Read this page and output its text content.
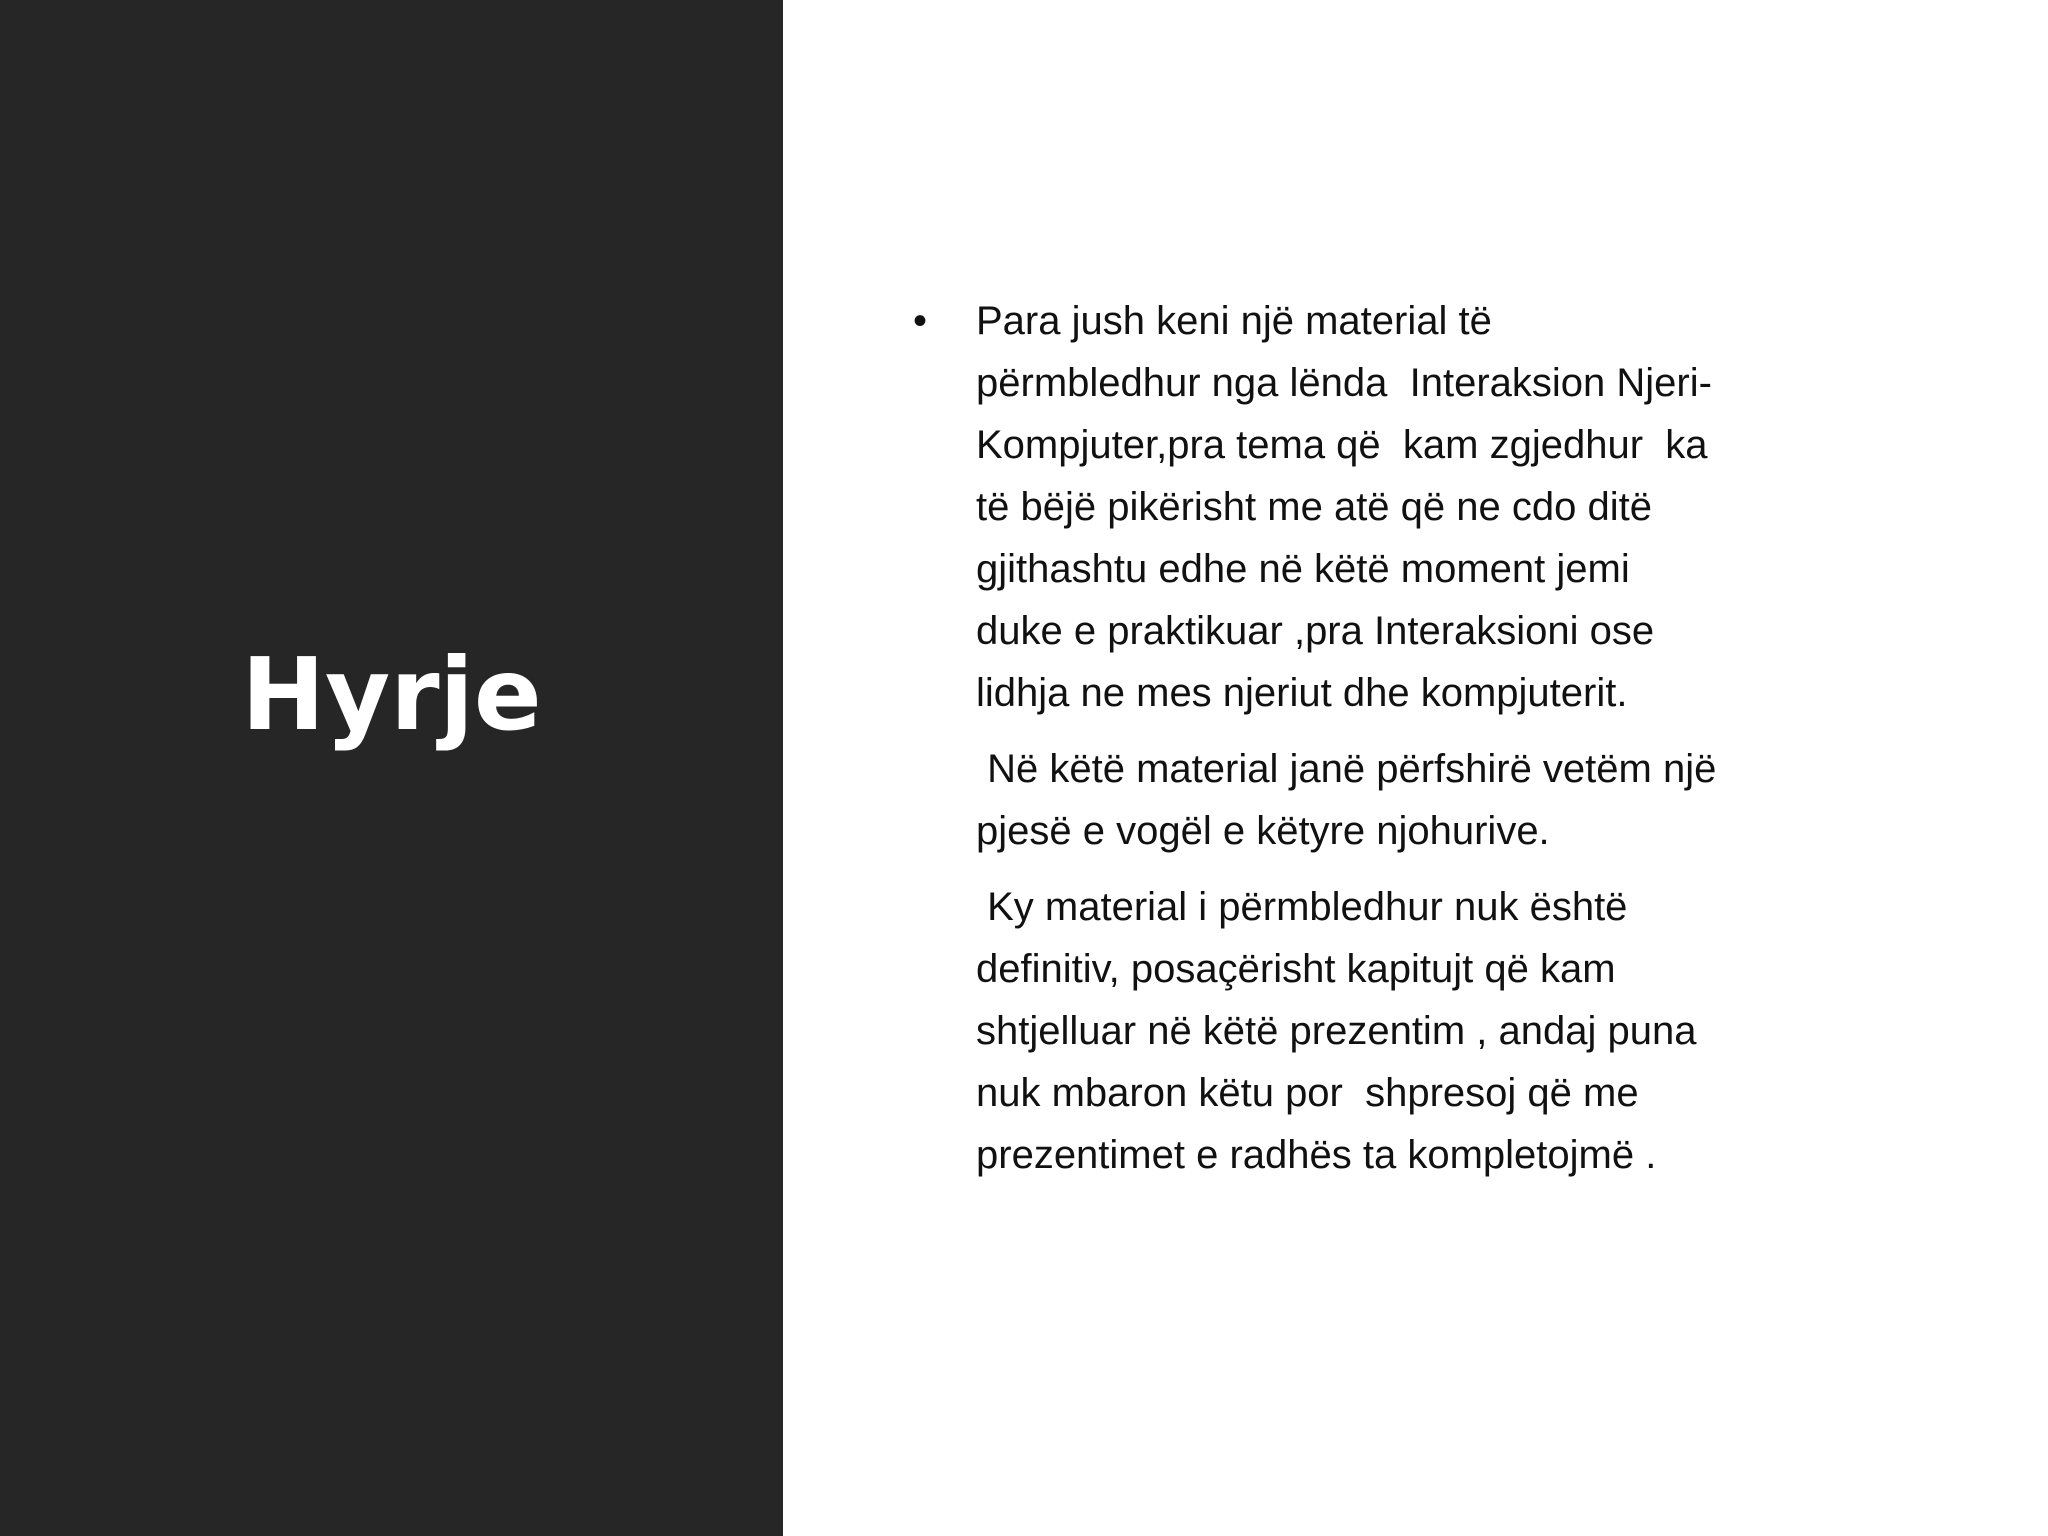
Hyrje
•	Para jush keni një material të
përmbledhur nga lënda  Interaksion Njeri-
Kompjuter,pra tema që  kam zgjedhur  ka
të bëjë pikërisht me atë që ne cdo ditë
gjithashtu edhe në këtë moment jemi
duke e praktikuar ,pra Interaksioni ose
lidhja ne mes njeriut dhe kompjuterit.
Në këtë material janë përfshirë vetëm një
pjesë e vogël e këtyre njohurive.
Ky material i përmbledhur nuk është
definitiv, posaçërisht kapitujt që kam
shtjelluar në këtë prezentim , andaj puna
nuk mbaron këtu por  shpresoj që me
prezentimet e radhës ta kompletojmë .
